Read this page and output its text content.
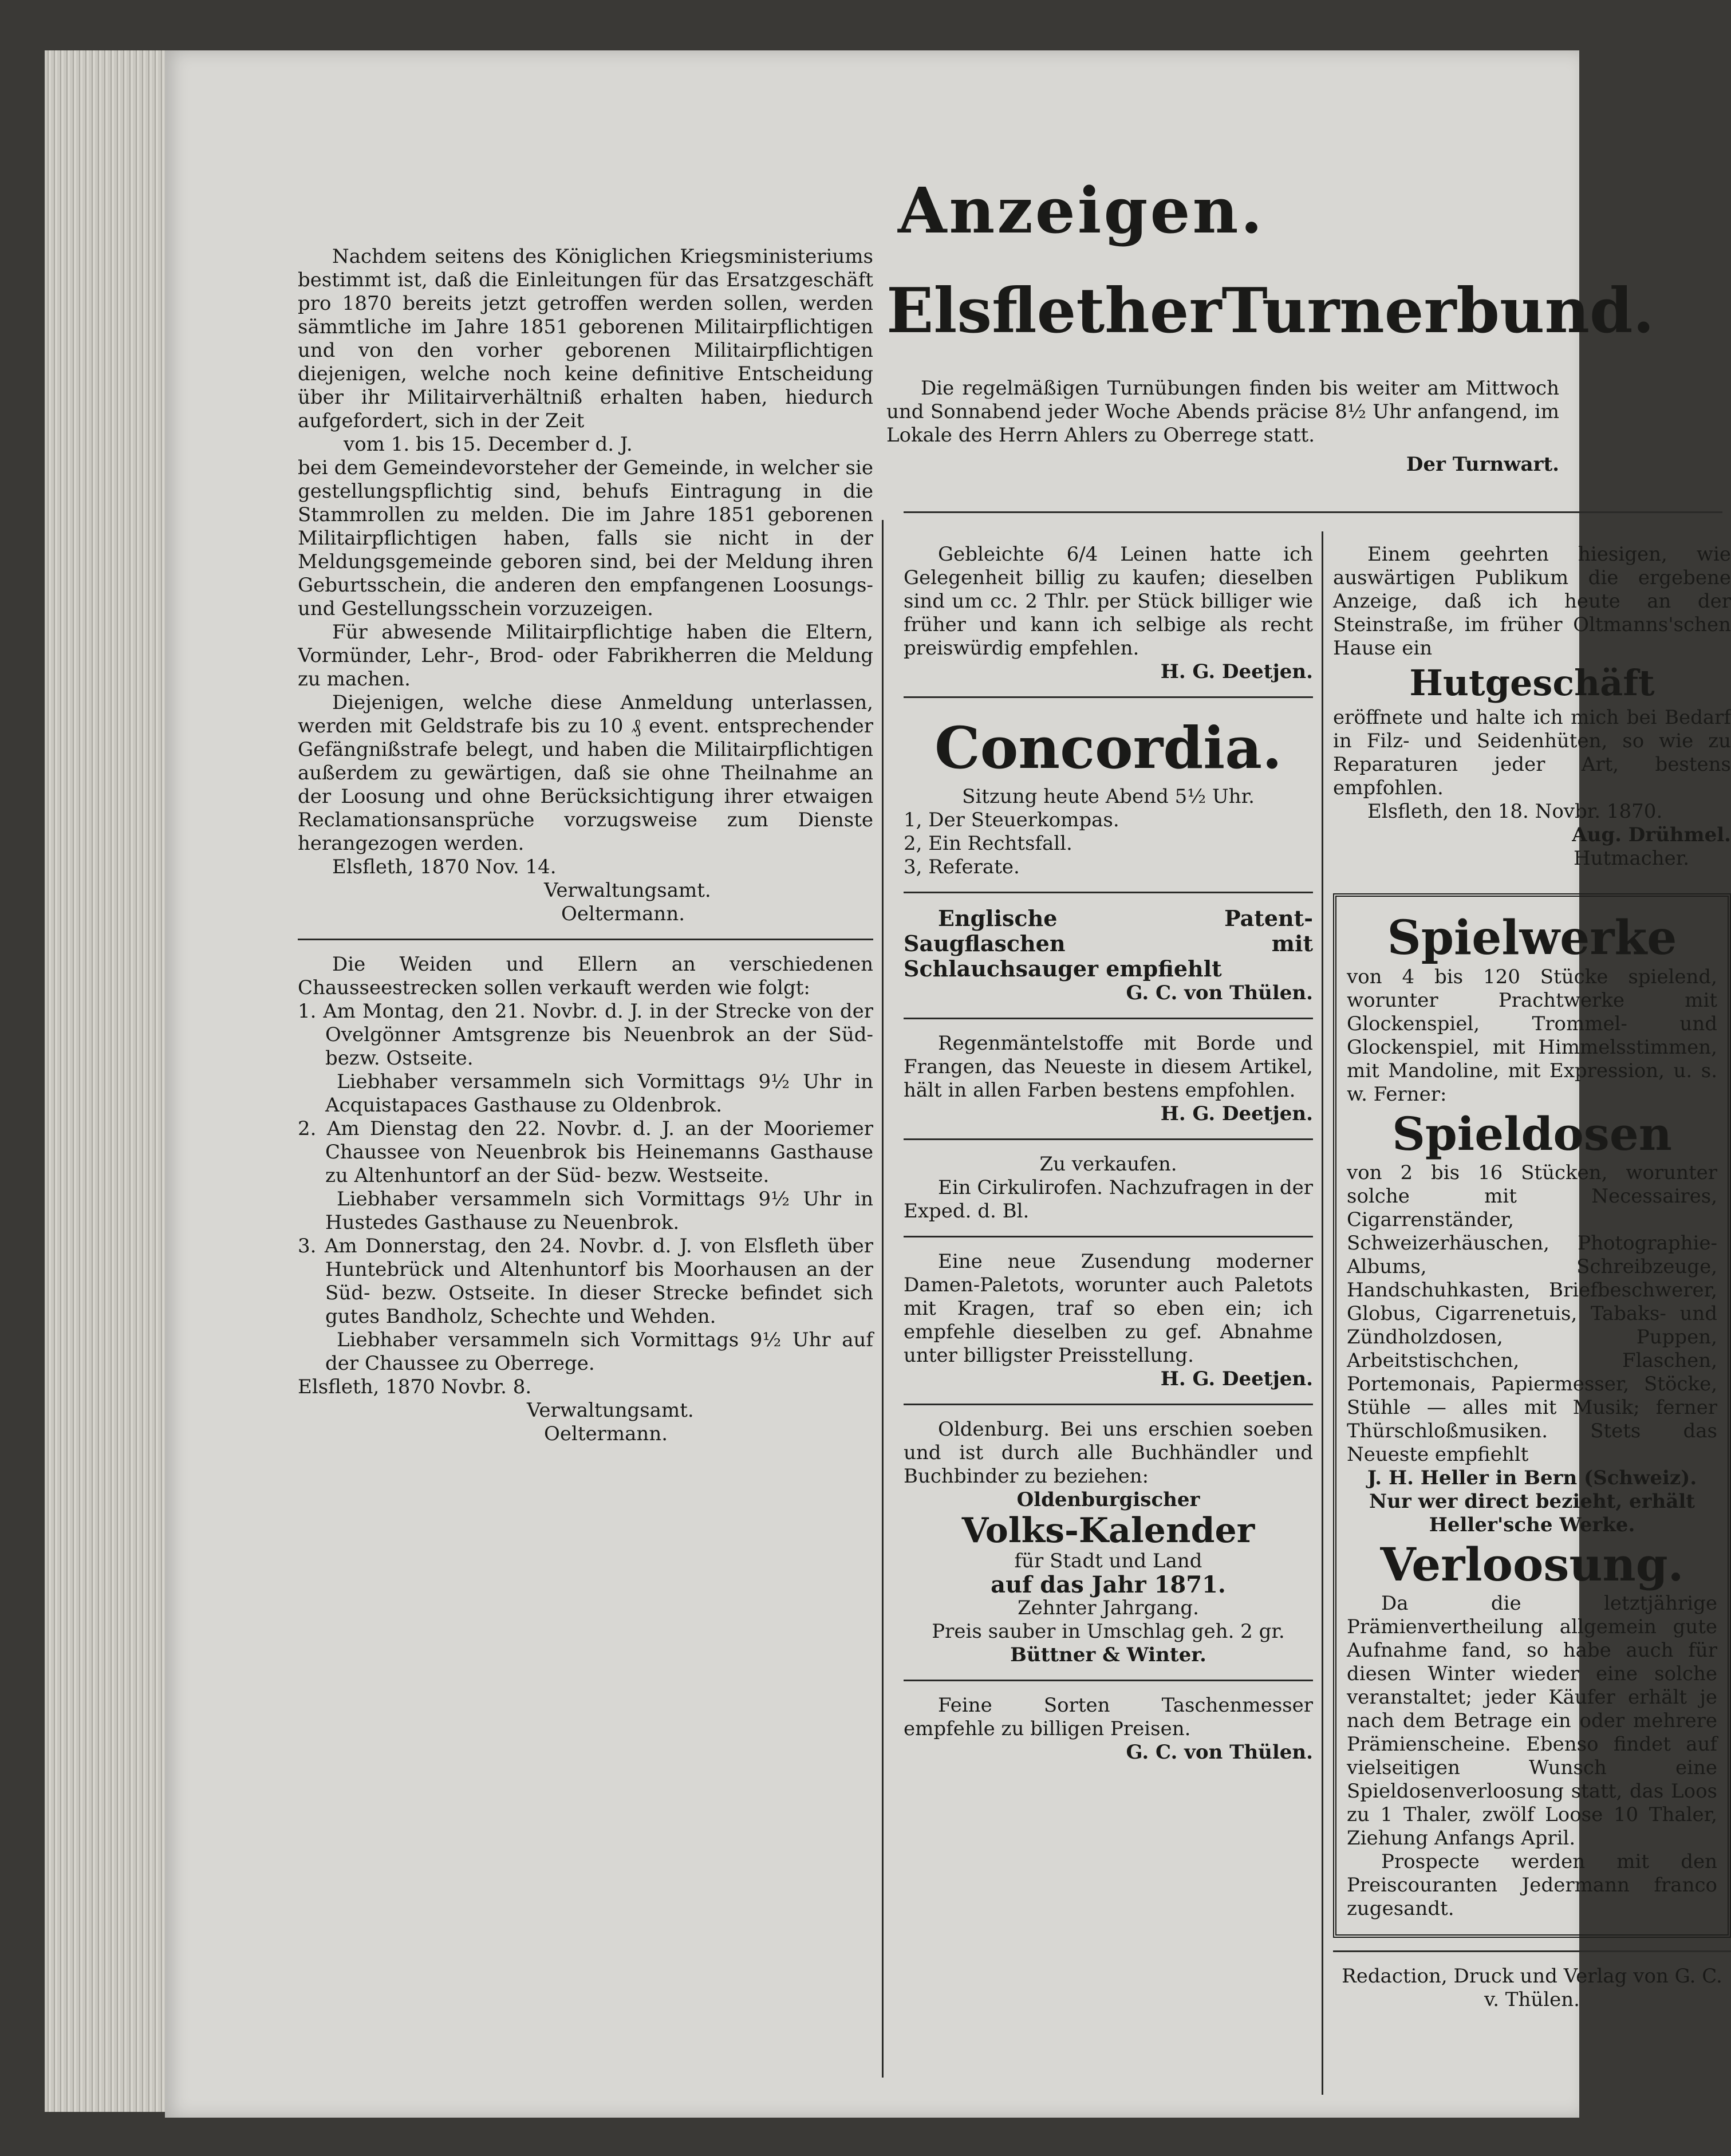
Nachdem seitens des Königlichen Kriegsministeriums bestimmt ist, daß die Einleitungen für das Ersatzgeschäft pro 1870 bereits jetzt getroffen werden sollen, werden sämmtliche im Jahre 1851 geborenen Militairpflichtigen und von den vorher geborenen Militairpflichtigen diejenigen, welche noch keine definitive Entscheidung über ihr Militairverhältniß erhalten haben, hiedurch aufgefordert, sich in der Zeit

vom 1. bis 15. December d. J.

bei dem Gemeindevorsteher der Gemeinde, in welcher sie gestellungspflichtig sind, behufs Eintragung in die Stammrollen zu melden. Die im Jahre 1851 geborenen Militairpflichtigen haben, falls sie nicht in der Meldungsgemeinde geboren sind, bei der Meldung ihren Geburtsschein, die anderen den empfangenen Loosungs- und Gestellungsschein vorzuzeigen.

Für abwesende Militairpflichtige haben die Eltern, Vormünder, Lehr-, Brod- oder Fabrikherren die Meldung zu machen.

Diejenigen, welche diese Anmeldung unterlassen, werden mit Geldstrafe bis zu 10 ₰ event. entsprechender Gefängnißstrafe belegt, und haben die Militairpflichtigen außerdem zu gewärtigen, daß sie ohne Theilnahme an der Loosung und ohne Berücksichtigung ihrer etwaigen Reclamationsansprüche vorzugsweise zum Dienste herangezogen werden.

Elsfleth, 1870 Nov. 14.

Verwaltungsamt.

Oeltermann.

Die Weiden und Ellern an verschiedenen Chausseestrecken sollen verkauft werden wie folgt:

1. Am Montag, den 21. Novbr. d. J. in der Strecke von der Ovelgönner Amtsgrenze bis Neuenbrok an der Süd- bezw. Ostseite.
Liebhaber versammeln sich Vormittags 9½ Uhr in Acquistapaces Gasthause zu Oldenbrok.
2. Am Dienstag den 22. Novbr. d. J. an der Mooriemer Chaussee von Neuenbrok bis Heinemanns Gasthause zu Altenhuntorf an der Süd- bezw. Westseite.
Liebhaber versammeln sich Vormittags 9½ Uhr in Hustedes Gasthause zu Neuenbrok.
3. Am Donnerstag, den 24. Novbr. d. J. von Elsfleth über Huntebrück und Altenhuntorf bis Moorhausen an der Süd- bezw. Ostseite. In dieser Strecke befindet sich gutes Bandholz, Schechte und Wehden.
Liebhaber versammeln sich Vormittags 9½ Uhr auf der Chaussee zu Oberrege.

Elsfleth, 1870 Novbr. 8.

Verwaltungsamt.

Oeltermann.

Anzeigen.
Elsflether Turnerbund.

Die regelmäßigen Turnübungen finden bis weiter am Mittwoch und Sonnabend jeder Woche Abends präcise 8½ Uhr anfangend, im Lokale des Herrn Ahlers zu Oberrege statt.

Der Turnwart.

Gebleichte 6/4 Leinen hatte ich Gelegenheit billig zu kaufen; dieselben sind um cc. 2 Thlr. per Stück billiger wie früher und kann ich selbige als recht preiswürdig empfehlen.

H. G. Deetjen.

Concordia.

Sitzung heute Abend 5½ Uhr.

1, Der Steuerkompas.

2, Ein Rechtsfall.

3, Referate.

Englische Patent-Saugflaschen mit Schlauchsauger empfiehlt

G. C. von Thülen.

Regenmäntelstoffe mit Borde und Frangen, das Neueste in diesem Artikel, hält in allen Farben bestens empfohlen.

H. G. Deetjen.

Zu verkaufen.

Ein Cirkulirofen. Nachzufragen in der Exped. d. Bl.

Eine neue Zusendung moderner Damen-Paletots, worunter auch Paletots mit Kragen, traf so eben ein; ich empfehle dieselben zu gef. Abnahme unter billigster Preisstellung.

H. G. Deetjen.

Oldenburg. Bei uns erschien soeben und ist durch alle Buchhändler und Buchbinder zu beziehen:

Oldenburgischer

Volks-Kalender

für Stadt und Land

auf das Jahr 1871.

Zehnter Jahrgang.

Preis sauber in Umschlag geh. 2 gr.

Büttner & Winter.

Feine Sorten Taschenmesser empfehle zu billigen Preisen.

G. C. von Thülen.

Einem geehrten hiesigen, wie auswärtigen Publikum die ergebene Anzeige, daß ich heute an der Steinstraße, im früher Oltmanns'schen Hause ein

Hutgeschäft

eröffnete und halte ich mich bei Bedarf in Filz- und Seidenhüten, so wie zu Reparaturen jeder Art, bestens empfohlen.

Elsfleth, den 18. Novbr. 1870.

Aug. Drühmel.

Hutmacher.

Spielwerke

von 4 bis 120 Stücke spielend, worunter Prachtwerke mit Glockenspiel, Trommel- und Glockenspiel, mit Himmelsstimmen, mit Mandoline, mit Expression, u. s. w. Ferner:

Spieldosen

von 2 bis 16 Stücken, worunter solche mit Necessaires, Cigarrenständer, Schweizerhäuschen, Photographie-Albums, Schreibzeuge, Handschuhkasten, Briefbeschwerer, Globus, Cigarrenetuis, Tabaks- und Zündholzdosen, Puppen, Arbeitstischchen, Flaschen, Portemonais, Papiermesser, Stöcke, Stühle — alles mit Musik; ferner Thürschloßmusiken. Stets das Neueste empfiehlt

J. H. Heller in Bern (Schweiz).

Nur wer direct bezieht, erhält Heller'sche Werke.

Verloosung.

Da die letztjährige Prämienvertheilung allgemein gute Aufnahme fand, so habe auch für diesen Winter wieder eine solche veranstaltet; jeder Käufer erhält je nach dem Betrage ein oder mehrere Prämienscheine. Ebenso findet auf vielseitigen Wunsch eine Spieldosenverloosung statt, das Loos zu 1 Thaler, zwölf Loose 10 Thaler, Ziehung Anfangs April.

Prospecte werden mit den Preiscouranten Jedermann franco zugesandt.

Redaction, Druck und Verlag von G. C. v. Thülen.
